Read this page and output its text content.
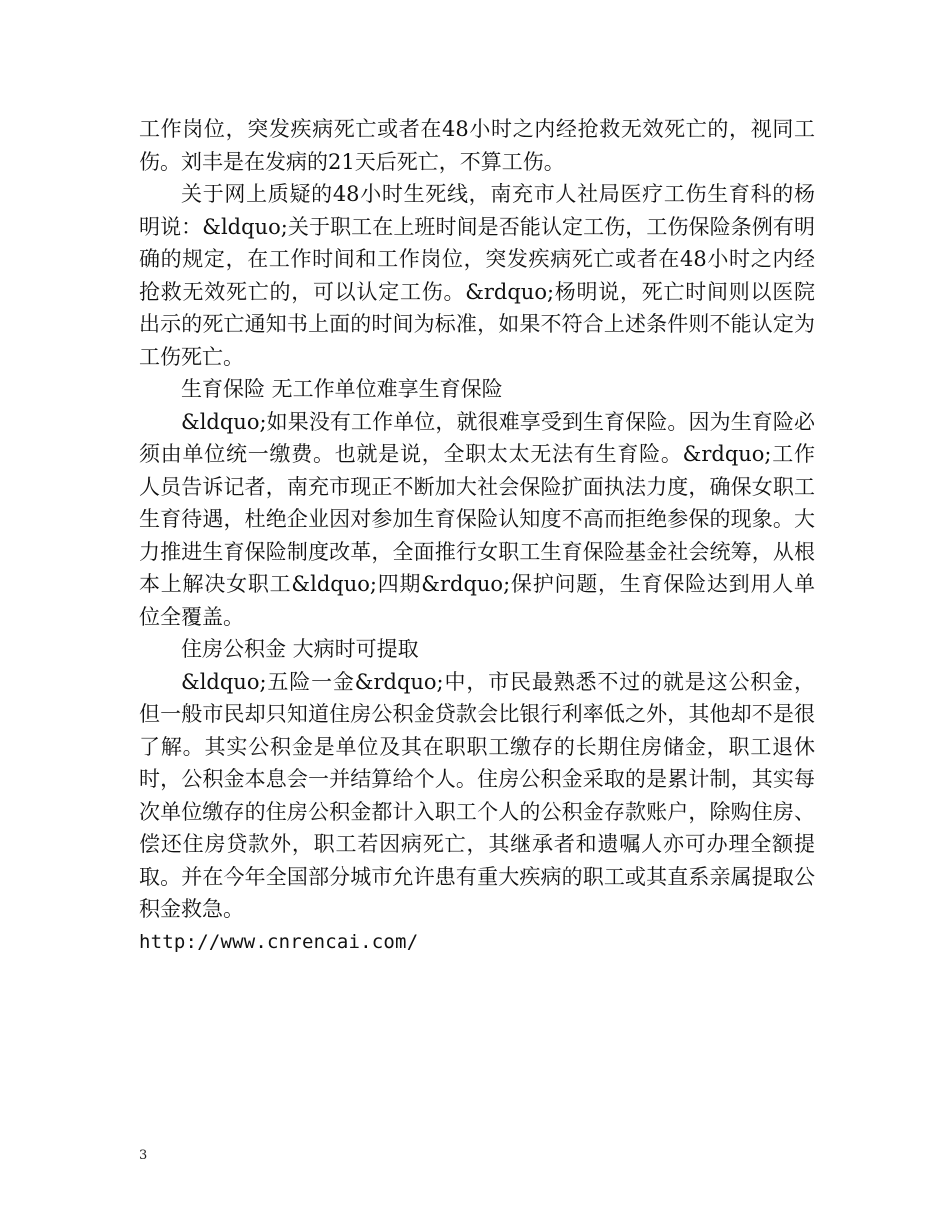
工作岗位，突发疾病死亡或者在48小时之内经抢救无效死亡的，视同工伤。刘丰是在发病的21天后死亡，不算工伤。

关于网上质疑的48小时生死线，南充市人社局医疗工伤生育科的杨明说：&ldquo;关于职工在上班时间是否能认定工伤，工伤保险条例有明确的规定，在工作时间和工作岗位，突发疾病死亡或者在48小时之内经抢救无效死亡的，可以认定工伤。&rdquo;杨明说，死亡时间则以医院出示的死亡通知书上面的时间为标准，如果不符合上述条件则不能认定为工伤死亡。

生育保险 无工作单位难享生育保险

&ldquo;如果没有工作单位，就很难享受到生育保险。因为生育险必须由单位统一缴费。也就是说，全职太太无法有生育险。&rdquo;工作人员告诉记者，南充市现正不断加大社会保险扩面执法力度，确保女职工生育待遇，杜绝企业因对参加生育保险认知度不高而拒绝参保的现象。大力推进生育保险制度改革，全面推行女职工生育保险基金社会统筹，从根本上解决女职工&ldquo;四期&rdquo;保护问题，生育保险达到用人单位全覆盖。

住房公积金 大病时可提取

&ldquo;五险一金&rdquo;中，市民最熟悉不过的就是这公积金，但一般市民却只知道住房公积金贷款会比银行利率低之外，其他却不是很了解。其实公积金是单位及其在职职工缴存的长期住房储金，职工退休时，公积金本息会一并结算给个人。住房公积金采取的是累计制，其实每次单位缴存的住房公积金都计入职工个人的公积金存款账户，除购住房、偿还住房贷款外，职工若因病死亡，其继承者和遗嘱人亦可办理全额提取。并在今年全国部分城市允许患有重大疾病的职工或其直系亲属提取公积金救急。

http://www.cnrencai.com/

3
